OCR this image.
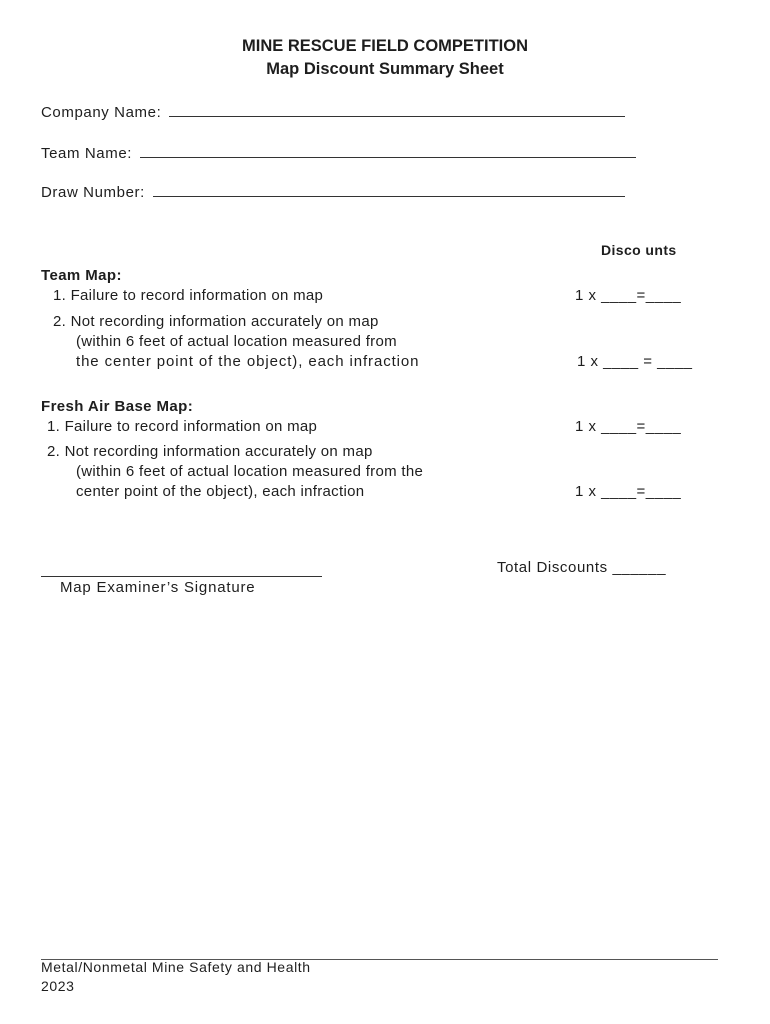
MINE RESCUE FIELD COMPETITION
Map Discount Summary Sheet
Company Name:
Team Name:
Draw Number:
Disco unts
Team Map:
1. Failure to record information on map	1 x ____=____
2. Not recording information accurately on map
(within 6 feet of actual location measured from
the center point of the object), each infraction	1 x ____ = ____
Fresh Air Base Map:
1. Failure to record information on map	1 x ____=____
2. Not recording information accurately on map
(within 6 feet of actual location measured from the
center point of the object), each infraction	1 x ____=____
Map Examiner’s Signature
Total Discounts ______
Metal/Nonmetal Mine Safety and Health
2023
